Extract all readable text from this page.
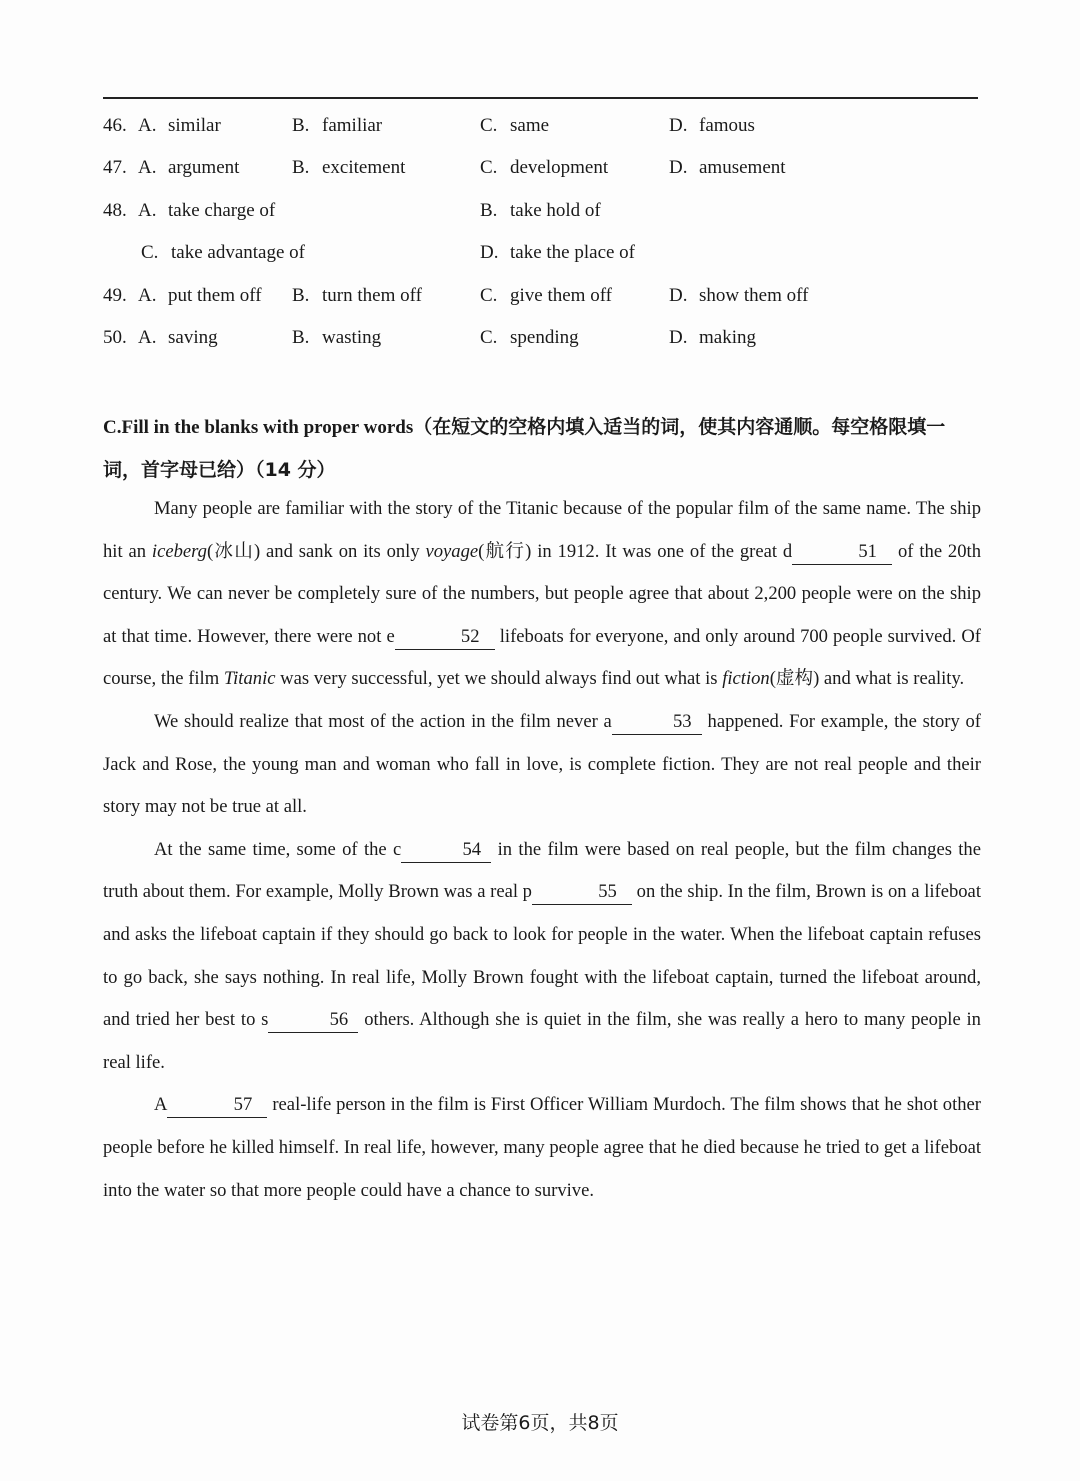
46. A. similar	B. familiar	C. same	D. famous
47. A. argument	B. excitement	C. development	D. amusement
48. A. take charge of	B. take hold of
C. take advantage of	D. take the place of
49. A. put them off B. turn them off	C. give them off	D. show them off
50. A. saving	B. wasting	C. spending	D. making
C.Fill in the blanks with proper words（在短文的空格内填入适当的词，使其内容通顺。每空格限填一词，首字母已给）（14 分）

Many people are familiar with the story of the Titanic because of the popular film of the same name. The ship hit an iceberg(冰山) and sank on its only voyage(航行) in 1912. It was one of the great d	51 of the 20th century. We can never be completely sure of the numbers, but people agree that about 2,200 people were on the ship at that time. However, there were not e	52 lifeboats for everyone, and only around 700 people survived. Of course, the film Titanic was very successful, yet we should always find out what is fiction(虚构) and what is reality.

We should realize that most of the action in the film never a	53 happened. For example, the story of Jack and Rose, the young man and woman who fall in love, is complete fiction. They are not real people and their story may not be true at all.

At the same time, some of the c	54 in the film were based on real people, but the film changes the truth about them. For example, Molly Brown was a real p	55 on the ship. In the film, Brown is on a lifeboat and asks the lifeboat captain if they should go back to look for people in the water. When the lifeboat captain refuses to go back, she says nothing. In real life, Molly Brown fought with the lifeboat captain, turned the lifeboat around, and tried her best to s	56 others. Although she is quiet in the film, she was really a hero to many people in real life.

A	57 real-life person in the film is First Officer William Murdoch. The film shows that he shot other people before he killed himself. In real life, however, many people agree that he died because he tried to get a lifeboat into the water so that more people could have a chance to survive.

试卷第6页，共8页
